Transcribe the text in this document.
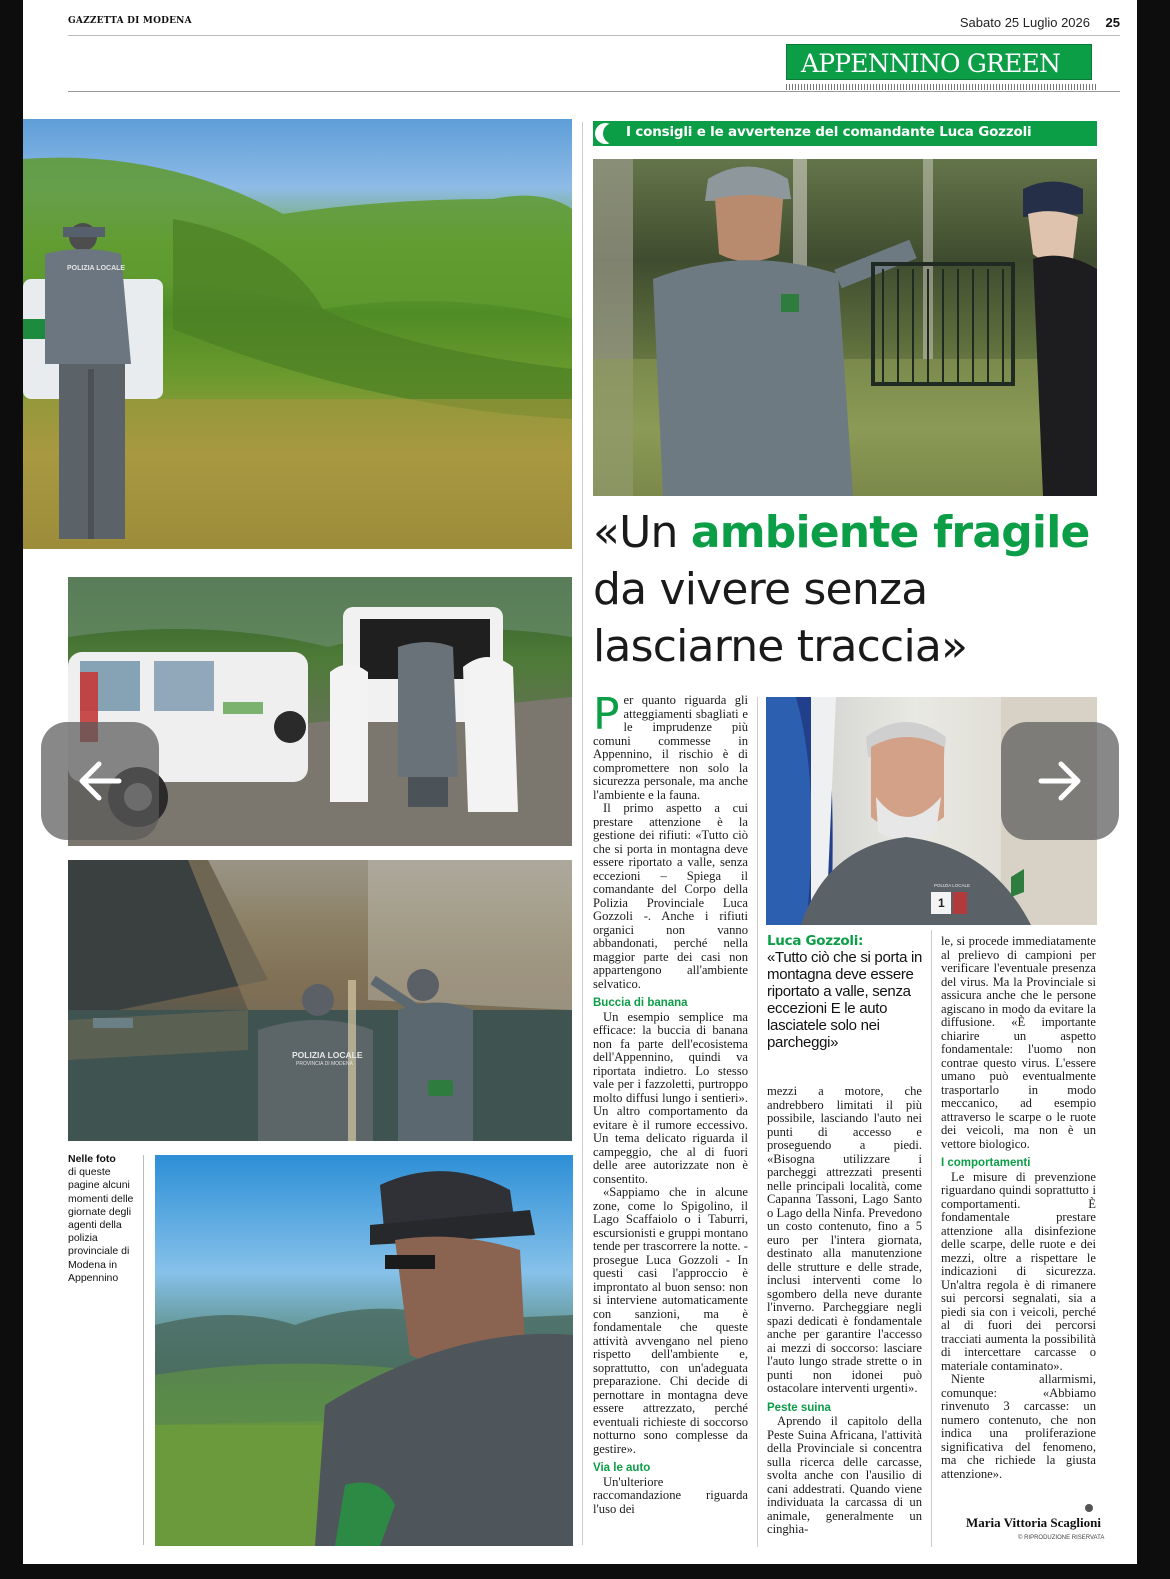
GAZZETTA DI MODENA	Sabato 25 Luglio 2026 25
APPENNINO GREEN
POLIZIA LOCALE
POLIZIA LOCALE
PROVINCIA DI MODENA
Nelle foto
di queste pagine alcuni momenti delle giornate degli agenti della polizia provinciale di Modena in Appennino
I consigli e le avvertenze del comandante Luca Gozzoli
«Un ambiente fragile
da vivere senza lasciarne traccia»
1
POLIZIA LOCALE
Luca Gozzoli:
«Tutto ciò che si porta in montagna deve essere riportato a valle, senza eccezioni E le auto lasciatele solo nei parcheggi»

Per quanto riguarda gli atteggiamenti sbagliati e le imprudenze più comuni commesse in Appennino, il rischio è di compromettere non solo la sicurezza personale, ma anche l'ambiente e la fauna.

Il primo aspetto a cui prestare attenzione è la gestione dei rifiuti: «Tutto ciò che si porta in montagna deve essere riportato a valle, senza eccezioni – Spiega il comandante del Corpo della Polizia Provinciale Luca Gozzoli -. Anche i rifiuti organici non vanno abbandonati, perché nella maggior parte dei casi non appartengono all'ambiente selvatico.

Buccia di banana

Un esempio semplice ma efficace: la buccia di banana non fa parte dell'ecosistema dell'Appennino, quindi va riportata indietro. Lo stesso vale per i fazzoletti, purtroppo molto diffusi lungo i sentieri». Un altro comportamento da evitare è il rumore eccessivo. Un tema delicato riguarda il campeggio, che al di fuori delle aree autorizzate non è consentito.

«Sappiamo che in alcune zone, come lo Spigolino, il Lago Scaffaiolo o i Taburri, escursionisti e gruppi montano tende per trascorrere la notte. -prosegue Luca Gozzoli - In questi casi l'approccio è improntato al buon senso: non si interviene automaticamente con sanzioni, ma è fondamentale che queste attività avvengano nel pieno rispetto dell'ambiente e, soprattutto, con un'adeguata preparazione. Chi decide di pernottare in montagna deve essere attrezzato, perché eventuali richieste di soccorso notturno sono complesse da gestire».

Via le auto

Un'ulteriore raccomandazione riguarda l'uso dei

mezzi a motore, che andrebbero limitati il più possibile, lasciando l'auto nei punti di accesso e proseguendo a piedi. «Bisogna utilizzare i parcheggi attrezzati presenti nelle principali località, come Capanna Tassoni, Lago Santo o Lago della Ninfa. Prevedono un costo contenuto, fino a 5 euro per l'intera giornata, destinato alla manutenzione delle strutture e delle strade, inclusi interventi come lo sgombero della neve durante l'inverno. Parcheggiare negli spazi dedicati è fondamentale anche per garantire l'accesso ai mezzi di soccorso: lasciare l'auto lungo strade strette o in punti non idonei può ostacolare interventi urgenti».

Peste suina

Aprendo il capitolo della Peste Suina Africana, l'attività della Provinciale si concentra sulla ricerca delle carcasse, svolta anche con l'ausilio di cani addestrati. Quando viene individuata la carcassa di un animale, generalmente un cinghia-

le, si procede immediatamente al prelievo di campioni per verificare l'eventuale presenza del virus. Ma la Provinciale si assicura anche che le persone agiscano in modo da evitare la diffusione. «È importante chiarire un aspetto fondamentale: l'uomo non contrae questo virus. L'essere umano può eventualmente trasportarlo in modo meccanico, ad esempio attraverso le scarpe o le ruote dei veicoli, ma non è un vettore biologico.

I comportamenti

Le misure di prevenzione riguardano quindi soprattutto i comportamenti. È fondamentale prestare attenzione alla disinfezione delle scarpe, delle ruote e dei mezzi, oltre a rispettare le indicazioni di sicurezza. Un'altra regola è di rimanere sui percorsi segnalati, sia a piedi sia con i veicoli, perché al di fuori dei percorsi tracciati aumenta la possibilità di intercettare carcasse o materiale contaminato».

Niente allarmismi, comunque: «Abbiamo rinvenuto 3 carcasse: un numero contenuto, che non indica una proliferazione significativa del fenomeno, ma che richiede la giusta attenzione».

Maria Vittoria Scaglioni
© RIPRODUZIONE RISERVATA
